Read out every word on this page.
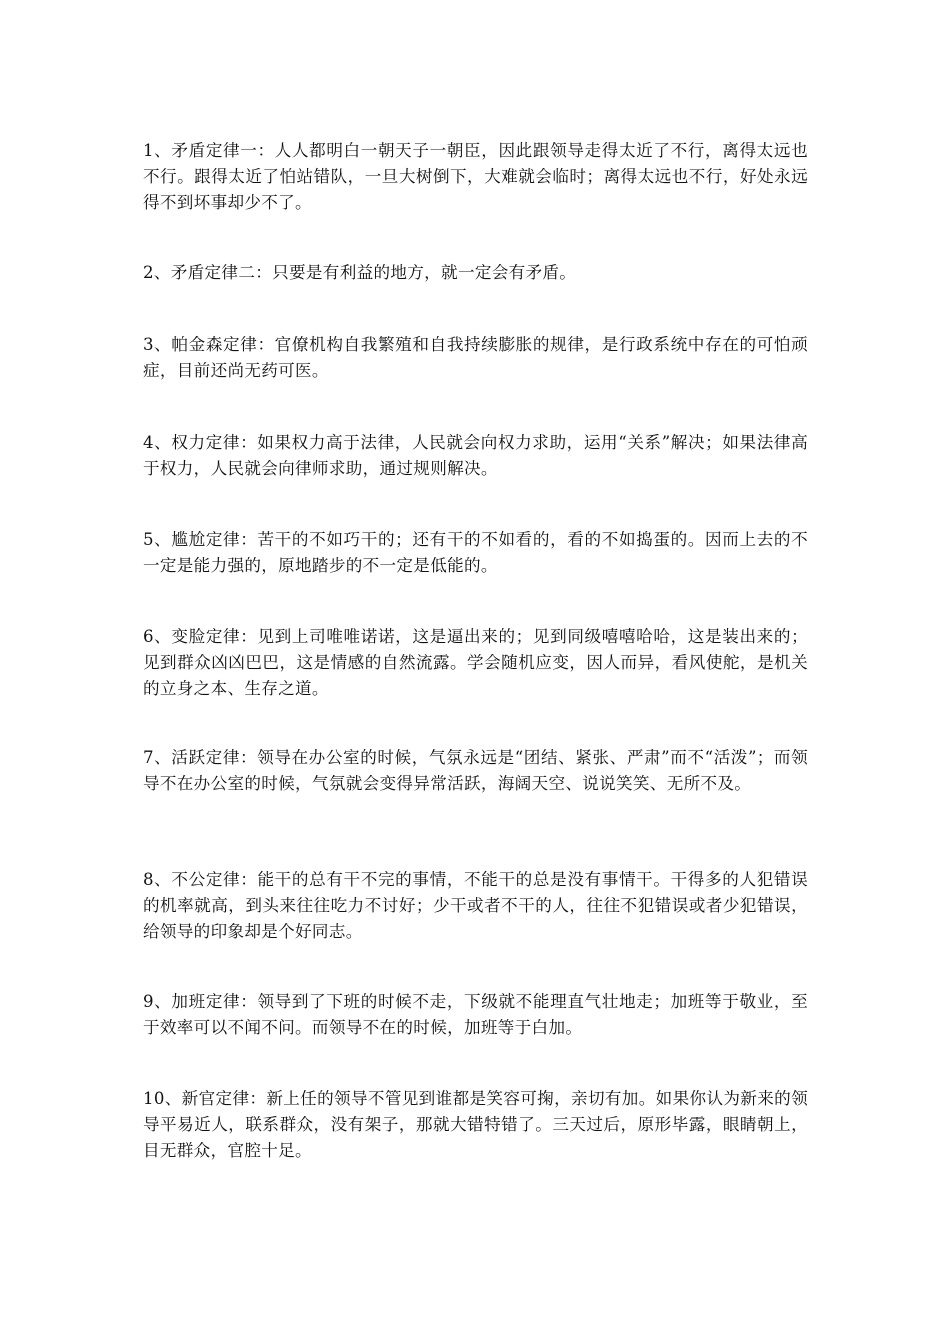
1、矛盾定律一：人人都明白一朝天子一朝臣，因此跟领导走得太近了不行，离得太远也不行。跟得太近了怕站错队，一旦大树倒下，大难就会临时；离得太远也不行，好处永远得不到坏事却少不了。

2、矛盾定律二：只要是有利益的地方，就一定会有矛盾。

3、帕金森定律：官僚机构自我繁殖和自我持续膨胀的规律，是行政系统中存在的可怕顽症，目前还尚无药可医。

4、权力定律：如果权力高于法律，人民就会向权力求助，运用“关系”解决；如果法律高于权力，人民就会向律师求助，通过规则解决。

5、尴尬定律：苦干的不如巧干的；还有干的不如看的，看的不如捣蛋的。因而上去的不一定是能力强的，原地踏步的不一定是低能的。

6、变脸定律：见到上司唯唯诺诺，这是逼出来的；见到同级嘻嘻哈哈，这是装出来的；见到群众凶凶巴巴，这是情感的自然流露。学会随机应变，因人而异，看风使舵，是机关的立身之本、生存之道。

7、活跃定律：领导在办公室的时候，气氛永远是“团结、紧张、严肃”而不“活泼”；而领导不在办公室的时候，气氛就会变得异常活跃，海阔天空、说说笑笑、无所不及。

8、不公定律：能干的总有干不完的事情，不能干的总是没有事情干。干得多的人犯错误的机率就高，到头来往往吃力不讨好；少干或者不干的人，往往不犯错误或者少犯错误，给领导的印象却是个好同志。

9、加班定律：领导到了下班的时候不走，下级就不能理直气壮地走；加班等于敬业，至于效率可以不闻不问。而领导不在的时候，加班等于白加。

10、新官定律：新上任的领导不管见到谁都是笑容可掬，亲切有加。如果你认为新来的领导平易近人，联系群众，没有架子，那就大错特错了。三天过后，原形毕露，眼睛朝上，目无群众，官腔十足。
